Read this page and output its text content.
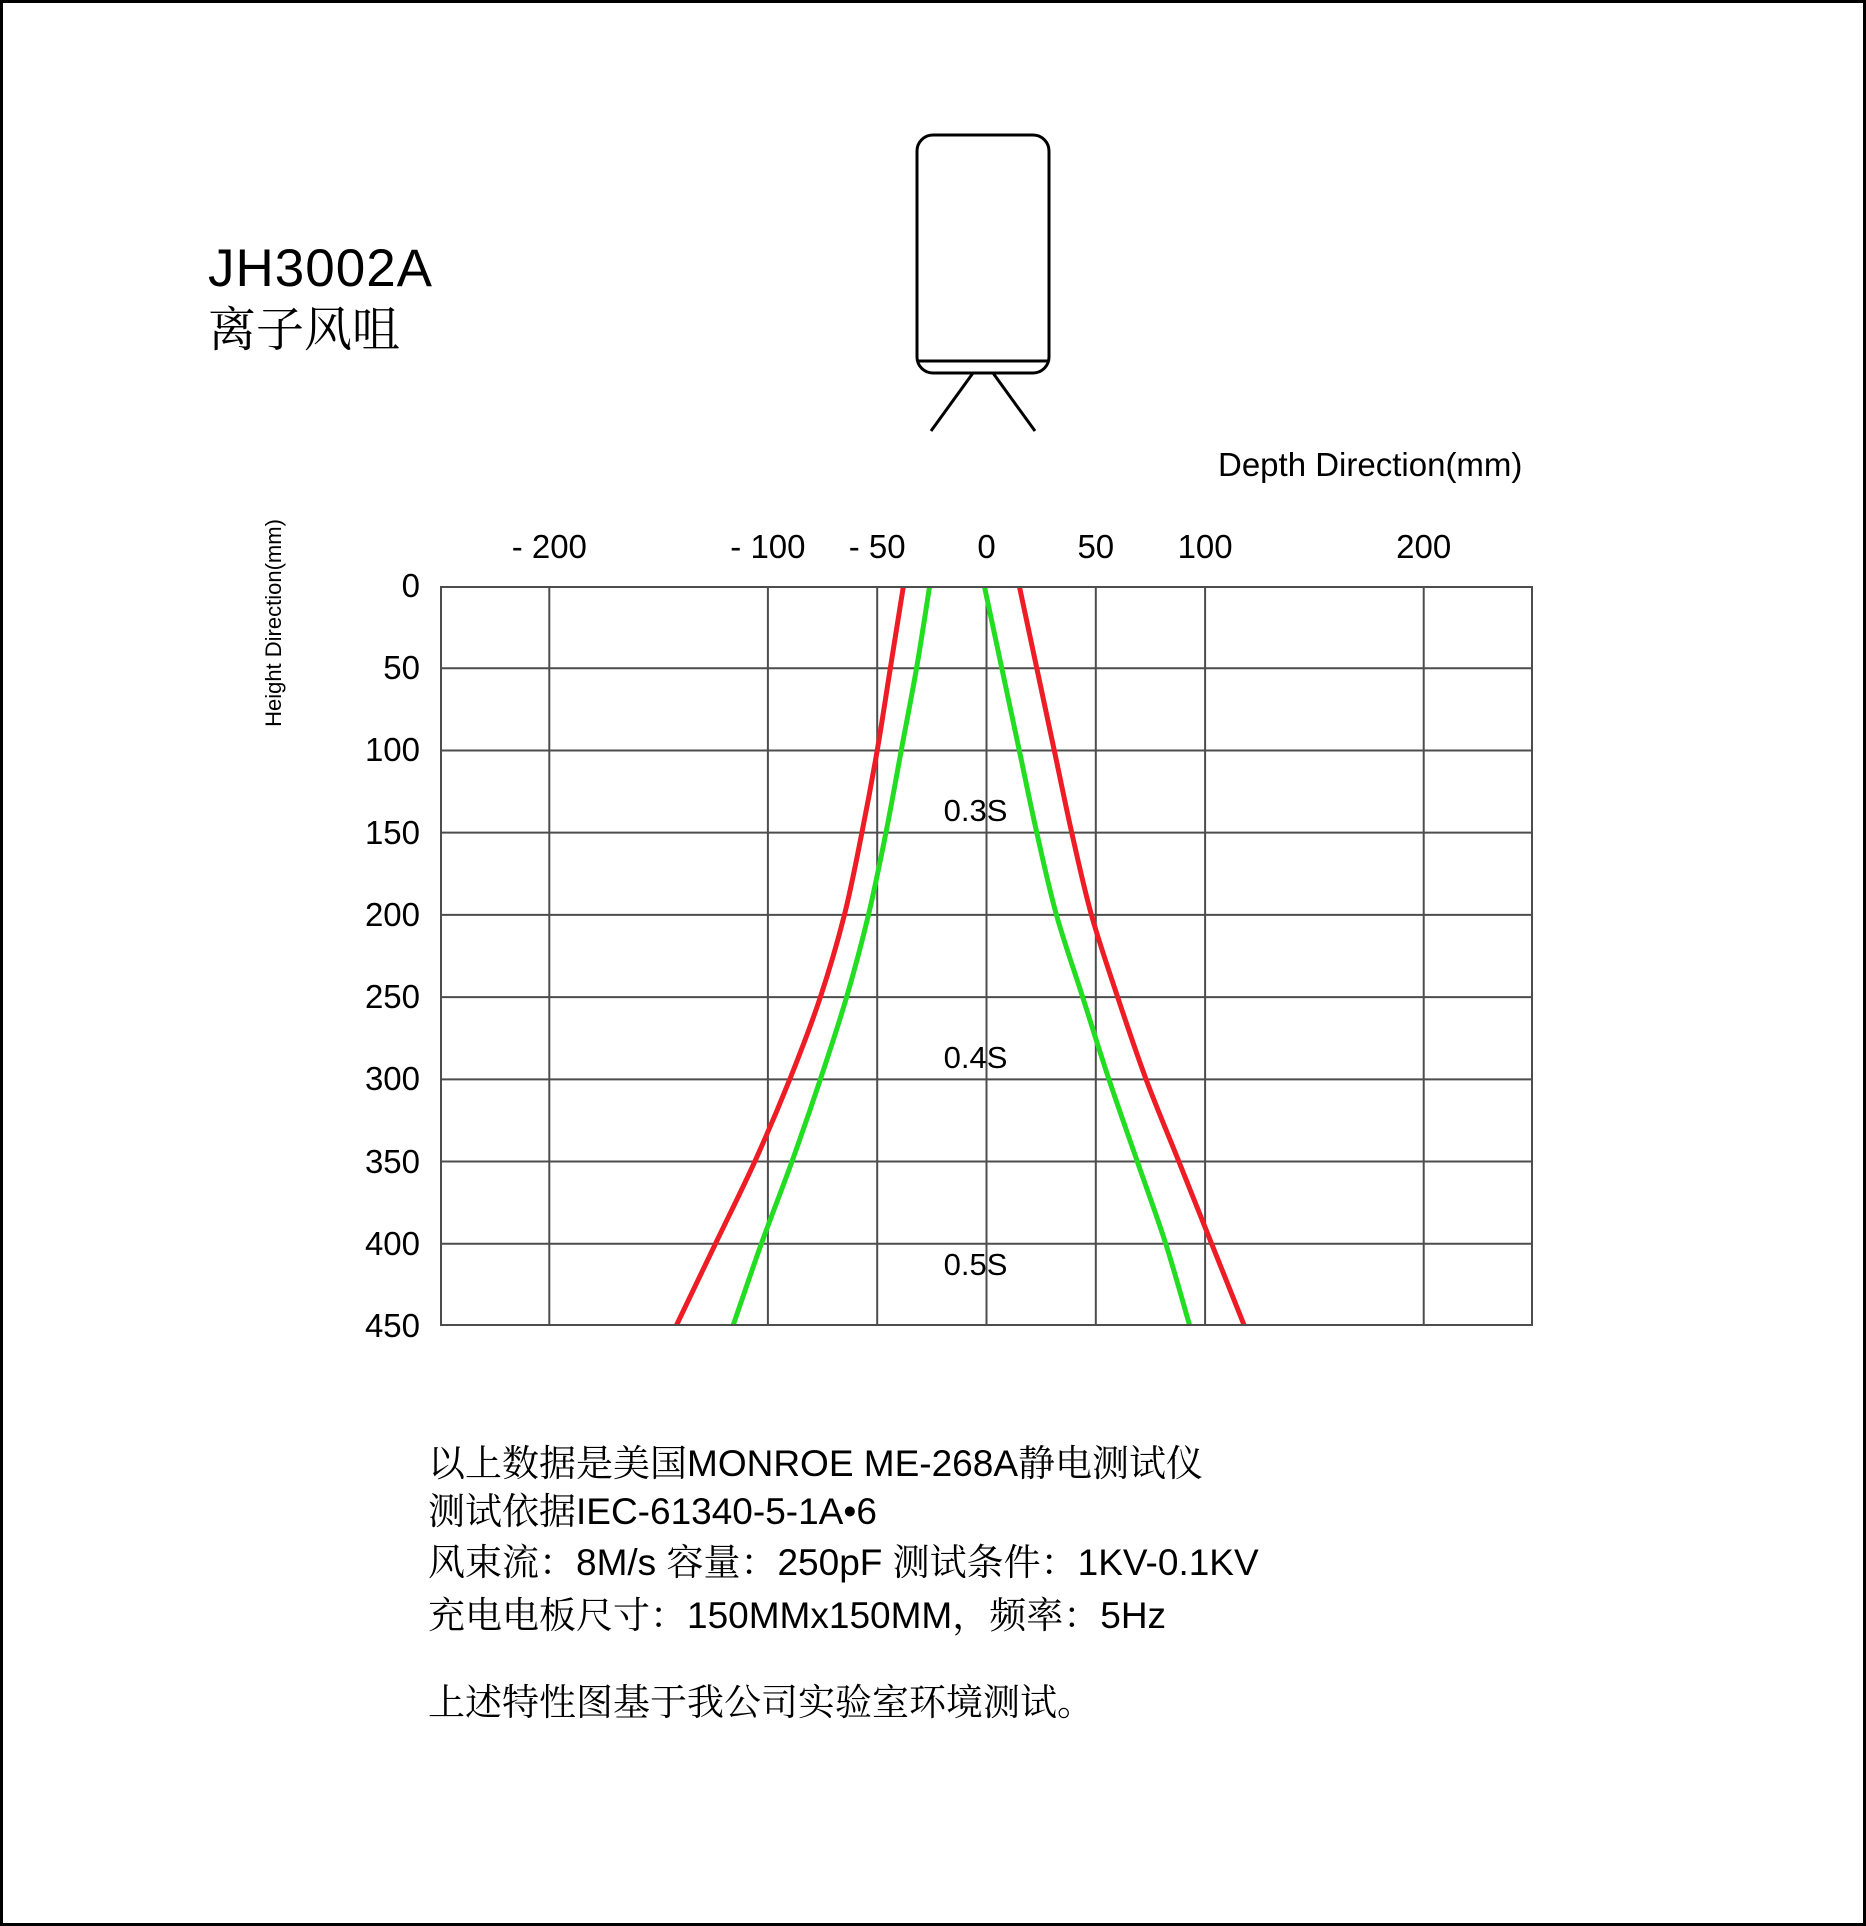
JH3002A
离子风咀
Depth Direction(mm)
Height Direction(mm)	- 200	- 100 - 50 0 50 100	200
0
50
100
150
200
250
300
350
400
450
0.3S
0.4S
0.5S
以上数据是美国MONROE ME-268A静电测试仪
测试依据IEC-61340-5-1A•6
风束流：8M/s 容量：250pF 测试条件：1KV-0.1KV
充电电板尺寸：150MMx150MM，频率：5Hz
上述特性图基于我公司实验室环境测试。
